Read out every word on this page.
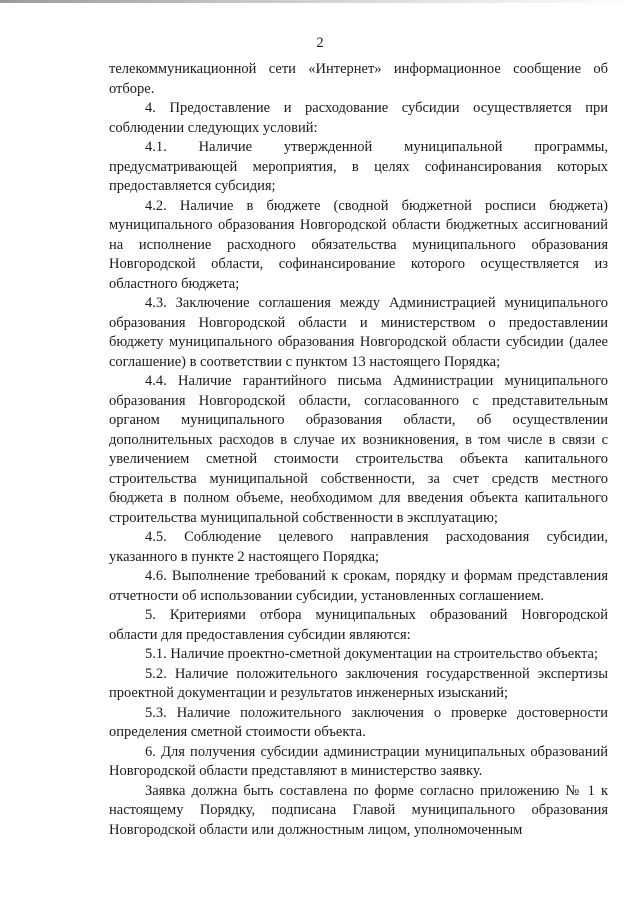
2

телекоммуникационной сети «Интернет» информационное сообщение об отборе.

4. Предоставление и расходование субсидии осуществляется при соблюдении следующих условий:

4.1. Наличие утвержденной муниципальной программы, предусматривающей мероприятия, в целях софинансирования которых предоставляется субсидия;

4.2. Наличие в бюджете (сводной бюджетной росписи бюджета) муниципального образования Новгородской области бюджетных ассигнований на исполнение расходного обязательства муниципального образования Новгородской области, софинансирование которого осуществляется из областного бюджета;

4.3. Заключение соглашения между Администрацией муниципального образования Новгородской области и министерством о предоставлении бюджету муниципального образования Новгородской области субсидии (далее соглашение) в соответствии с пунктом 13 настоящего Порядка;

4.4. Наличие гарантийного письма Администрации муниципального образования Новгородской области, согласованного с представительным органом муниципального образования области, об осуществлении дополнительных расходов в случае их возникновения, в том числе в связи с увеличением сметной стоимости строительства объекта капитального строительства муниципальной собственности, за счет средств местного бюджета в полном объеме, необходимом для введения объекта капитального строительства муниципальной собственности в эксплуатацию;

4.5. Соблюдение целевого направления расходования субсидии, указанного в пункте 2 настоящего Порядка;

4.6. Выполнение требований к срокам, порядку и формам представления отчетности об использовании субсидии, установленных соглашением.

5. Критериями отбора муниципальных образований Новгородской области для предоставления субсидии являются:

5.1. Наличие проектно-сметной документации на строительство объекта;

5.2. Наличие положительного заключения государственной экспертизы проектной документации и результатов инженерных изысканий;

5.3. Наличие положительного заключения о проверке достоверности определения сметной стоимости объекта.

6. Для получения субсидии администрации муниципальных образований Новгородской области представляют в министерство заявку.

Заявка должна быть составлена по форме согласно приложению № 1 к настоящему Порядку, подписана Главой муниципального образования Новгородской области или должностным лицом, уполномоченным
